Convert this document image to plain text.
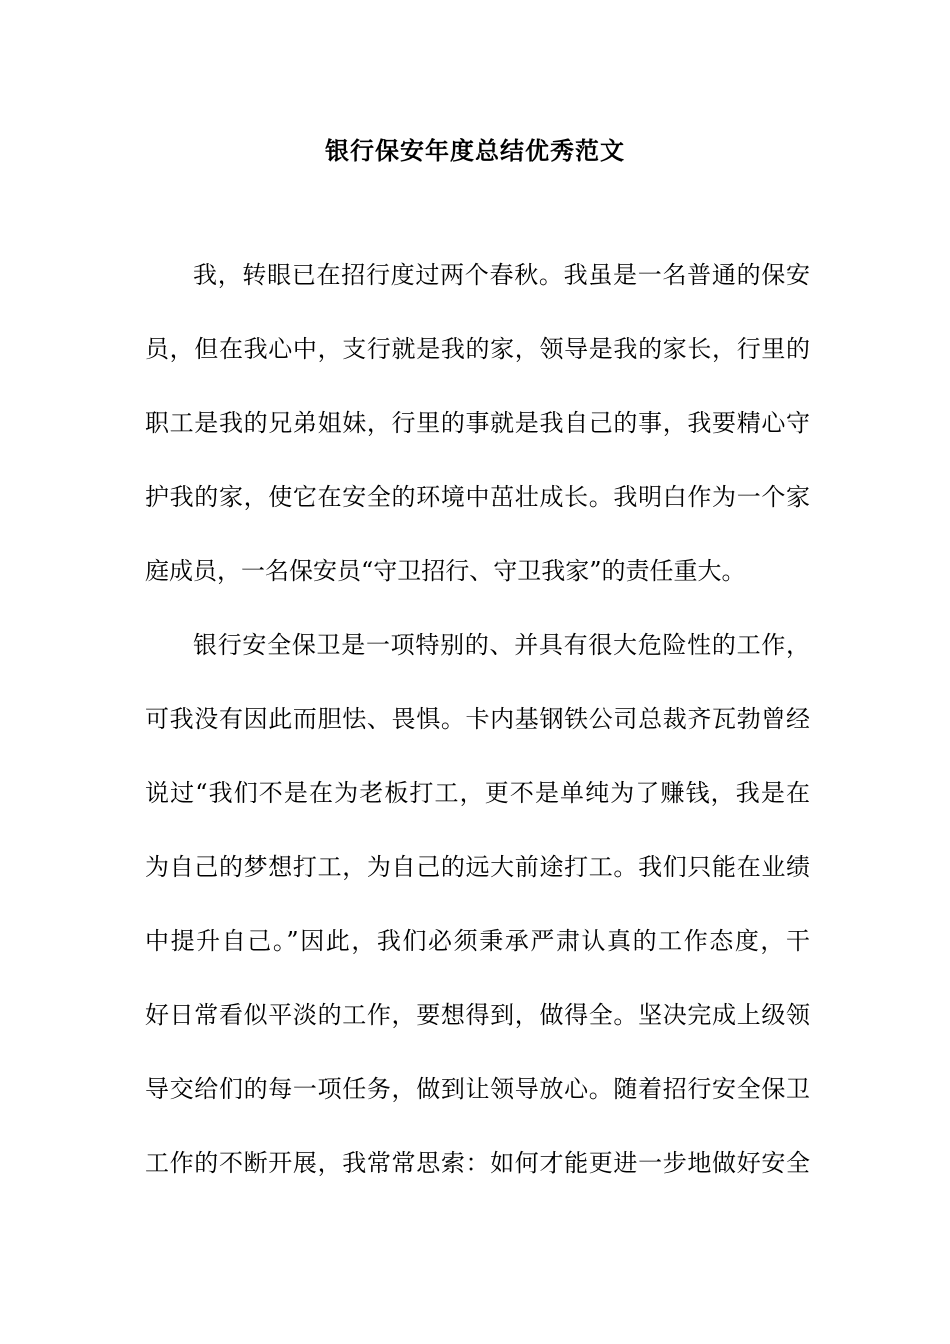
银行保安年度总结优秀范文
我，转眼已在招行度过两个春秋。我虽是一名普通的保安
员，但在我心中，支行就是我的家，领导是我的家长，行里的
职工是我的兄弟姐妹，行里的事就是我自己的事，我要精心守
护我的家，使它在安全的环境中茁壮成长。我明白作为一个家
庭成员，一名保安员“守卫招行、守卫我家”的责任重大。
银行安全保卫是一项特别的、并具有很大危险性的工作，
可我没有因此而胆怯、畏惧。卡内基钢铁公司总裁齐瓦勃曾经
说过“我们不是在为老板打工，更不是单纯为了赚钱，我是在
为自己的梦想打工，为自己的远大前途打工。我们只能在业绩
中提升自己。”因此，我们必须秉承严肃认真的工作态度，干
好日常看似平淡的工作，要想得到，做得全。坚决完成上级领
导交给们的每一项任务，做到让领导放心。随着招行安全保卫
工作的不断开展，我常常思索：如何才能更进一步地做好安全
